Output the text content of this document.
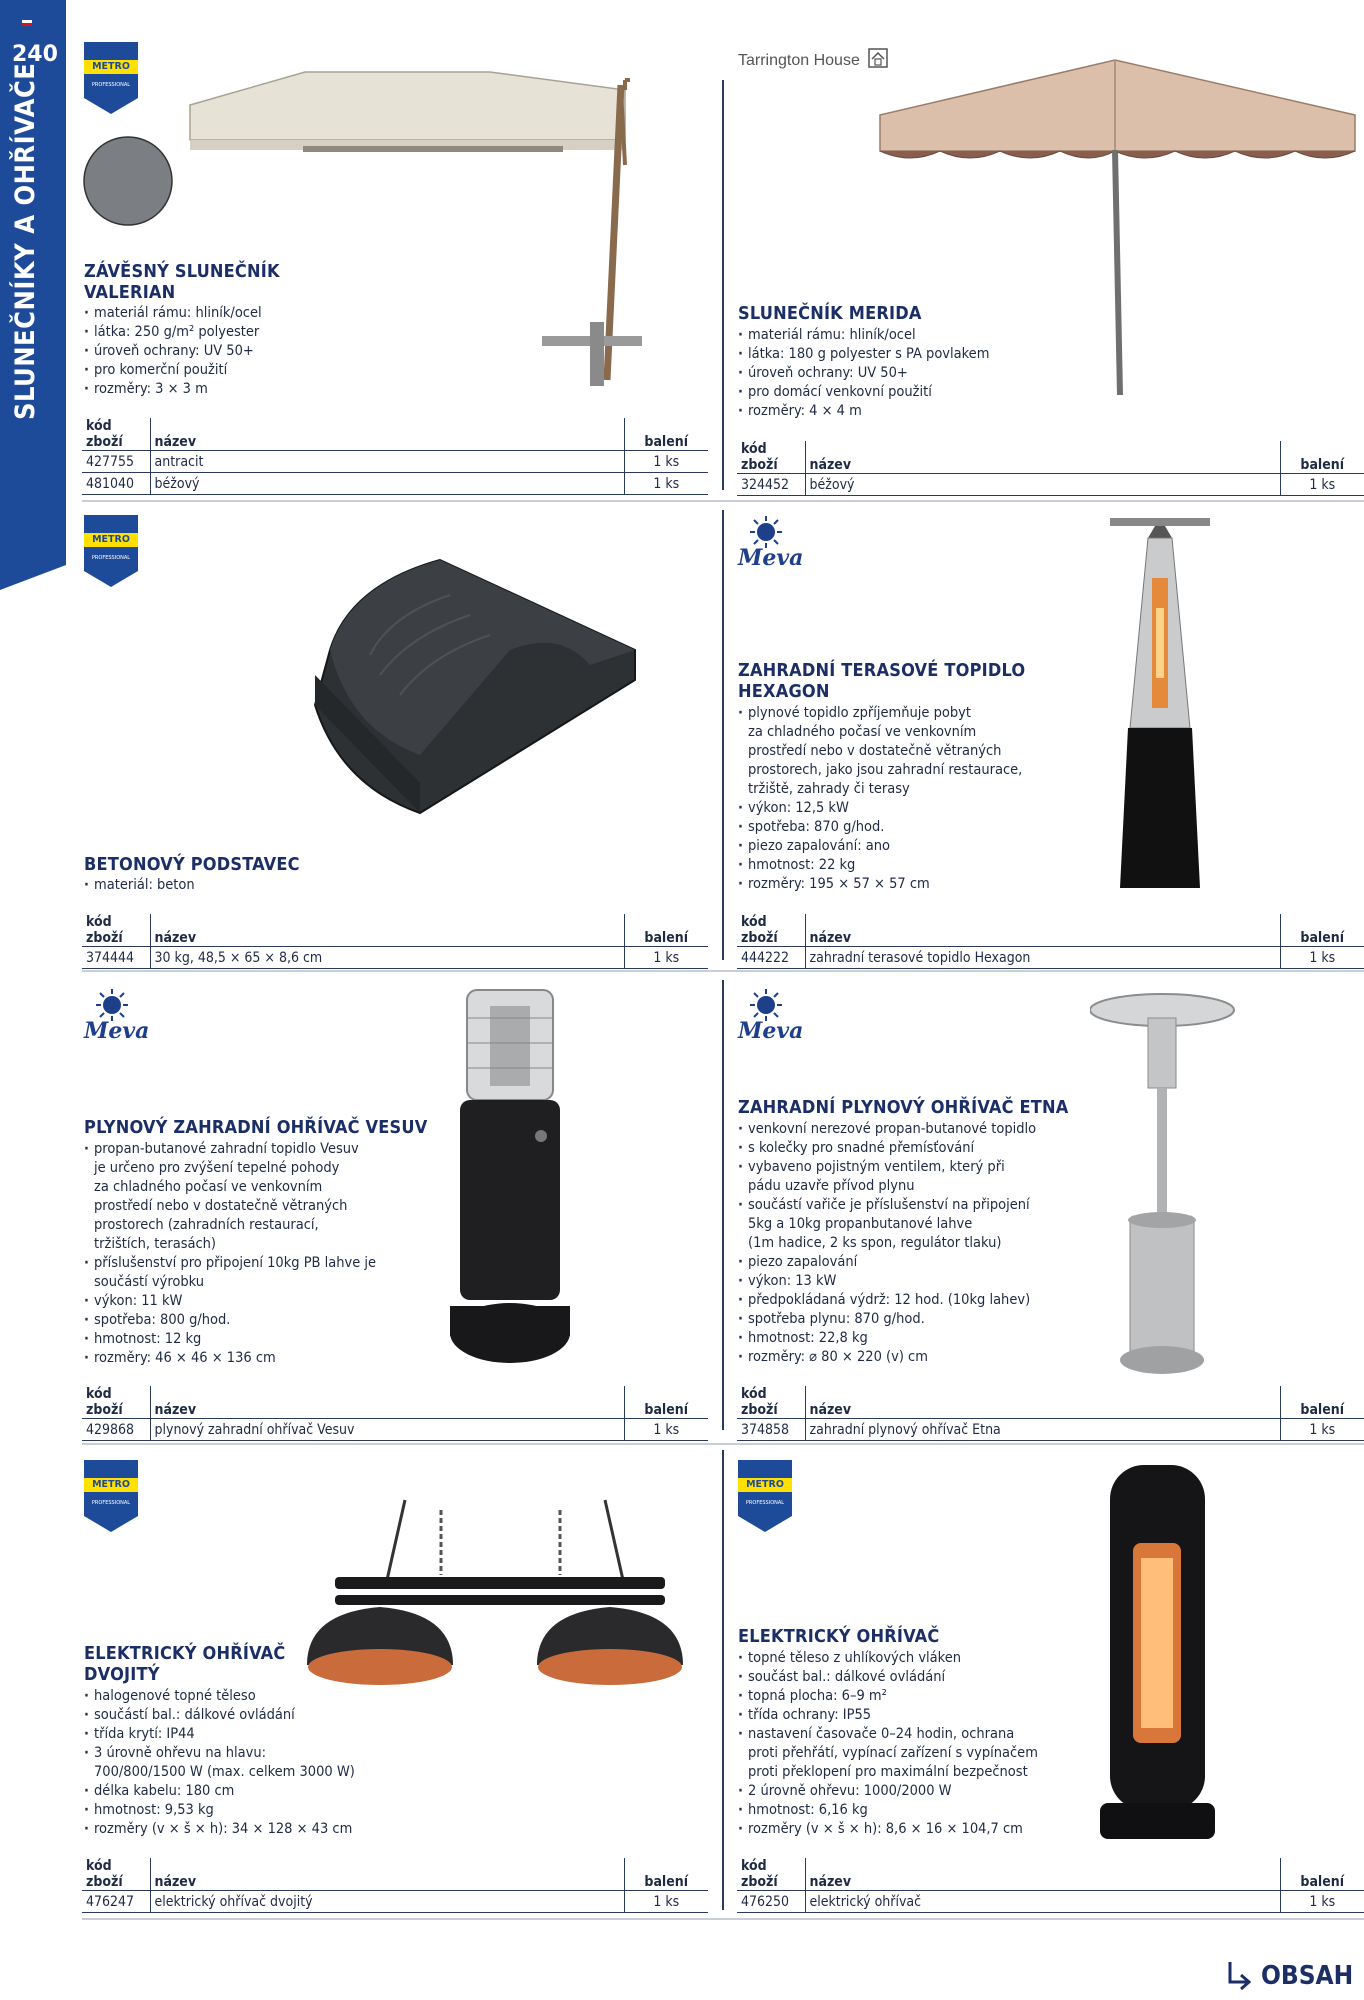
240
SLUNEČNÍKY A OHŘÍVAČE	METRO
PROFESSIONAL
ZÁVĚSNÝ SLUNEČNÍK
VALERIAN
· materiál rámu: hliník/ocel
· látka: 250 g/m² polyester
· úroveň ochrany: UV 50+
· pro komerční použití
· rozměry: 3 × 3 m
kód zboží	název	balení
427755	antracit	1 ks
481040	béžový	1 ks
Tarrington House
SLUNEČNÍK MERIDA
· materiál rámu: hliník/ocel
· látka: 180 g polyester s PA povlakem
· úroveň ochrany: UV 50+
· pro domácí venkovní použití
· rozměry: 4 × 4 m
kód zboží	název	balení
324452	béžový	1 ks
METRO
PROFESSIONAL
BETONOVÝ PODSTAVEC
· materiál: beton
kód zboží	název	balení
374444	30 kg, 48,5 × 65 × 8,6 cm	1 ks
Meva
ZAHRADNÍ TERASOVÉ TOPIDLO
HEXAGON
· plynové topidlo zpříjemňuje pobyt
za chladného počasí ve venkovním
prostředí nebo v dostatečně větraných
prostorech, jako jsou zahradní restaurace,
tržiště, zahrady či terasy
· výkon: 12,5 kW
· spotřeba: 870 g/hod.
· piezo zapalování: ano
· hmotnost: 22 kg
· rozměry: 195 × 57 × 57 cm
kód zboží	název	balení
444222	zahradní terasové topidlo Hexagon	1 ks
Meva
PLYNOVÝ ZAHRADNÍ OHŘÍVAČ VESUV
· propan-butanové zahradní topidlo Vesuv
je určeno pro zvýšení tepelné pohody
za chladného počasí ve venkovním
prostředí nebo v dostatečně větraných
prostorech (zahradních restaurací,
tržištích, terasách)
· příslušenství pro připojení 10kg PB lahve je
součástí výrobku
· výkon: 11 kW
· spotřeba: 800 g/hod.
· hmotnost: 12 kg
· rozměry: 46 × 46 × 136 cm
kód zboží	název	balení
429868	plynový zahradní ohřívač Vesuv	1 ks
Meva
ZAHRADNÍ PLYNOVÝ OHŘÍVAČ ETNA
· venkovní nerezové propan-butanové topidlo
· s kolečky pro snadné přemísťování
· vybaveno pojistným ventilem, který při
pádu uzavře přívod plynu
· součástí vařiče je příslušenství na připojení
5kg a 10kg propanbutanové lahve
(1m hadice, 2 ks spon, regulátor tlaku)
· piezo zapalování
· výkon: 13 kW
· předpokládaná výdrž: 12 hod. (10kg lahev)
· spotřeba plynu: 870 g/hod.
· hmotnost: 22,8 kg
· rozměry: ⌀ 80 × 220 (v) cm
kód zboží	název	balení
374858	zahradní plynový ohřívač Etna	1 ks
METRO
PROFESSIONAL
ELEKTRICKÝ OHŘÍVAČ
DVOJITÝ
· halogenové topné těleso
· součástí bal.: dálkové ovládání
· třída krytí: IP44
· 3 úrovně ohřevu na hlavu:
700/800/1500 W (max. celkem 3000 W)
· délka kabelu: 180 cm
· hmotnost: 9,53 kg
· rozměry (v × š × h): 34 × 128 × 43 cm
kód zboží	název	balení
476247	elektrický ohřívač dvojitý	1 ks
METRO
PROFESSIONAL
ELEKTRICKÝ OHŘÍVAČ
· topné těleso z uhlíkových vláken
· součást bal.: dálkové ovládání
· topná plocha: 6–9 m²
· třída ochrany: IP55
· nastavení časovače 0–24 hodin, ochrana
proti přehřátí, vypínací zařízení s vypínačem
proti překlopení pro maximální bezpečnost
· 2 úrovně ohřevu: 1000/2000 W
· hmotnost: 6,16 kg
· rozměry (v × š × h): 8,6 × 16 × 104,7 cm
kód zboží	název	balení
476250	elektrický ohřívač	1 ks
OBSAH
